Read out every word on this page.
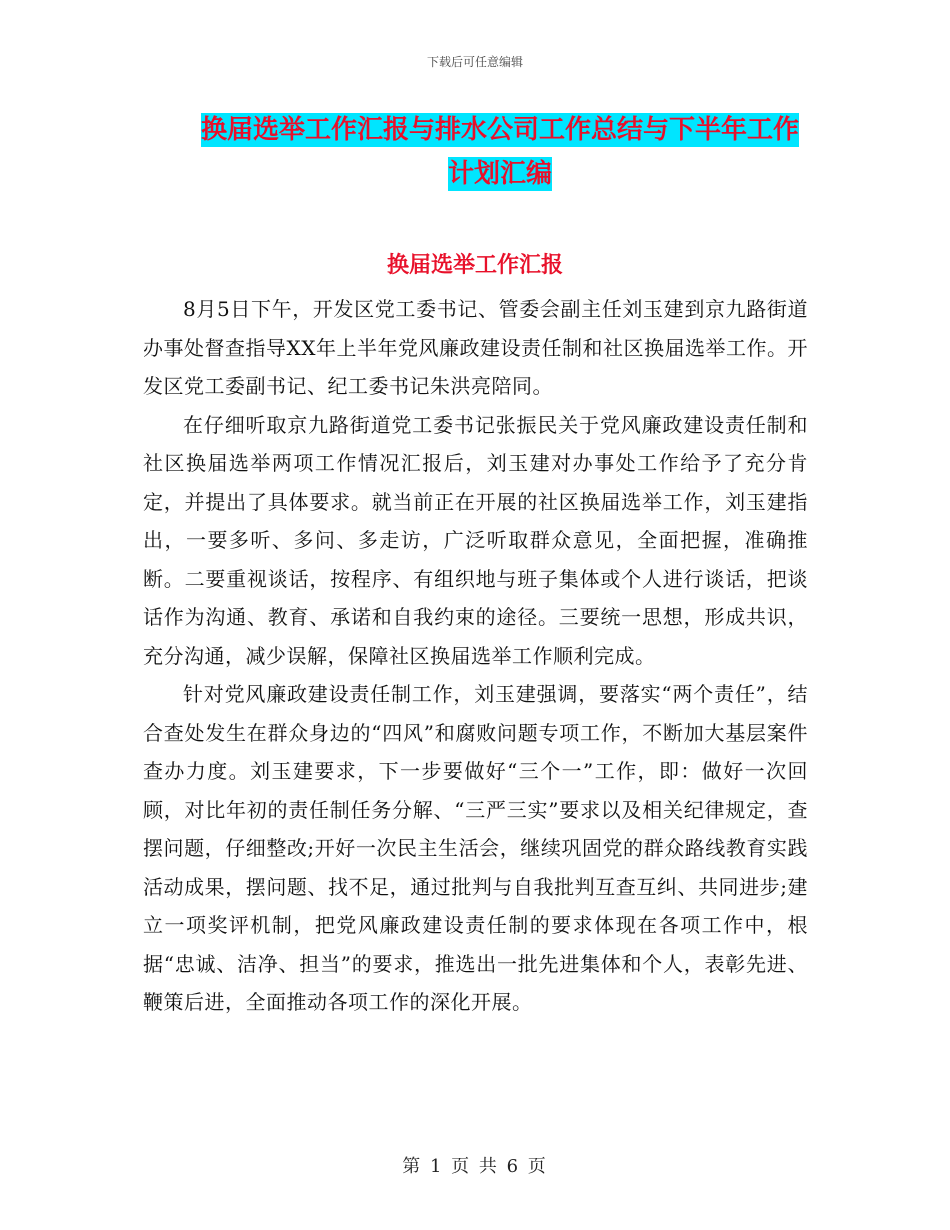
下载后可任意编辑
换届选举工作汇报与排水公司工作总结与下半年工作
计划汇编
换届选举工作汇报

8月5日下午，开发区党工委书记、管委会副主任刘玉建到京九路街道办事处督查指导XX年上半年党风廉政建设责任制和社区换届选举工作。开发区党工委副书记、纪工委书记朱洪亮陪同。

在仔细听取京九路街道党工委书记张振民关于党风廉政建设责任制和社区换届选举两项工作情况汇报后，刘玉建对办事处工作给予了充分肯定，并提出了具体要求。就当前正在开展的社区换届选举工作，刘玉建指出，一要多听、多问、多走访，广泛听取群众意见，全面把握，准确推断。二要重视谈话，按程序、有组织地与班子集体或个人进行谈话，把谈话作为沟通、教育、承诺和自我约束的途径。三要统一思想，形成共识，充分沟通，减少误解，保障社区换届选举工作顺利完成。

针对党风廉政建设责任制工作，刘玉建强调，要落实“两个责任”，结合查处发生在群众身边的“四风”和腐败问题专项工作，不断加大基层案件查办力度。刘玉建要求，下一步要做好“三个一”工作，即：做好一次回顾，对比年初的责任制任务分解、“三严三实”要求以及相关纪律规定，查摆问题，仔细整改;开好一次民主生活会，继续巩固党的群众路线教育实践活动成果，摆问题、找不足，通过批判与自我批判互查互纠、共同进步;建立一项奖评机制，把党风廉政建设责任制的要求体现在各项工作中，根据“忠诚、洁净、担当”的要求，推选出一批先进集体和个人，表彰先进、鞭策后进，全面推动各项工作的深化开展。

第 1 页 共 6 页
